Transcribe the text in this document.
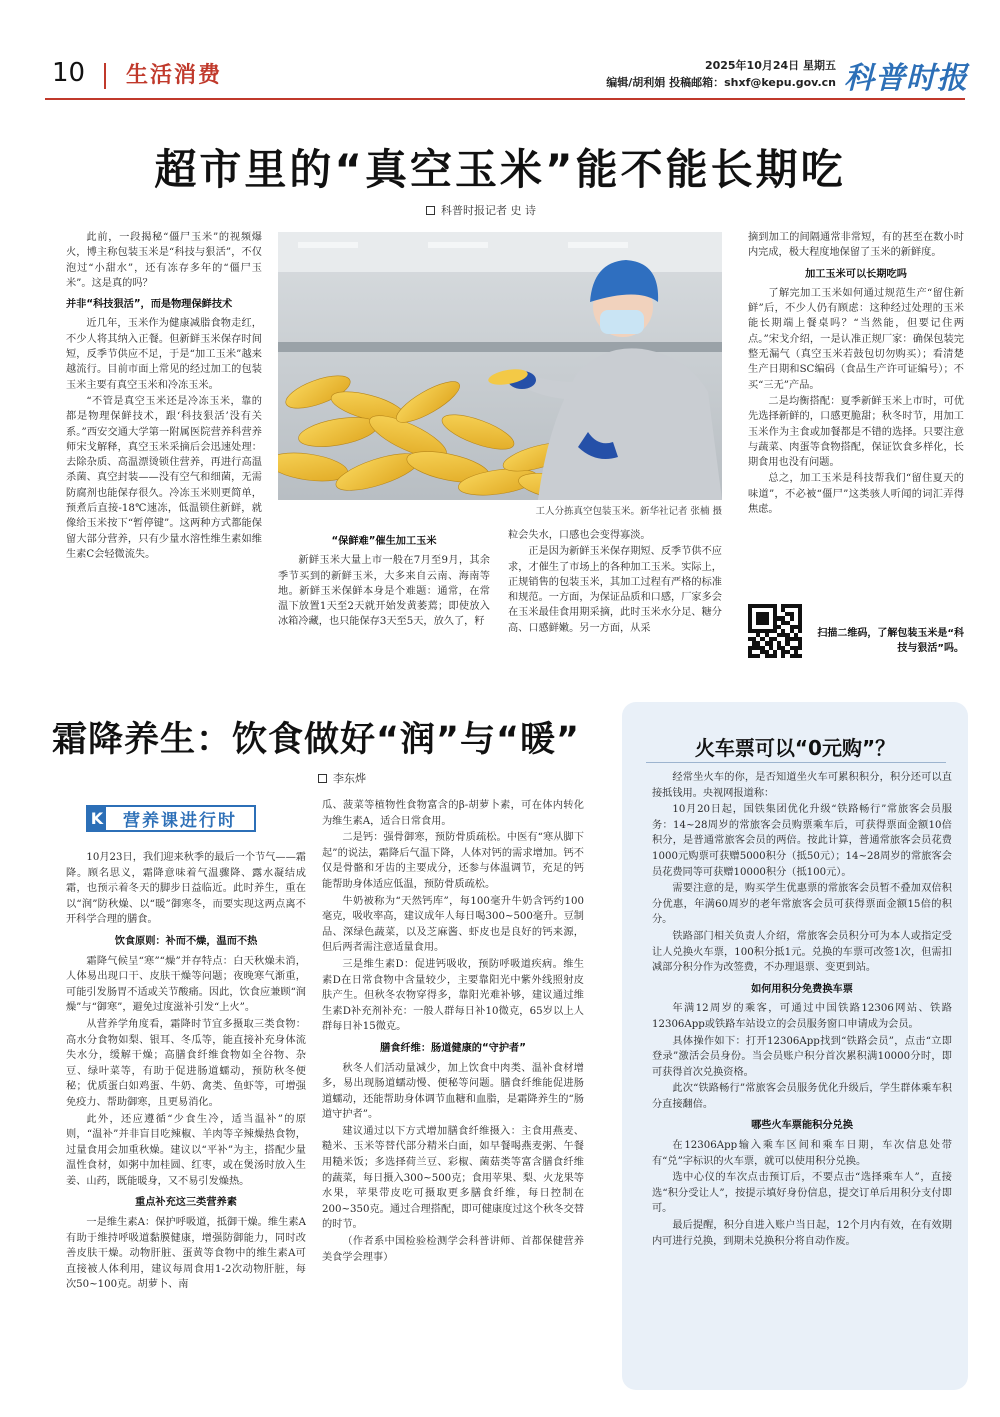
10 生活消费	2025年10月24日 星期五
编辑/胡利娟 投稿邮箱：shxf@kepu.gov.cn 科普时报
超市里的“真空玉米”能不能长期吃
科普时报记者 史 诗
此前，一段揭秘“僵尸玉米”的视频爆火，博主称包装玉米是“科技与狠活”，不仅泡过“小甜水”，还有冻存多年的“僵尸玉米”。这是真的吗？
并非“科技狠活”，而是物理保鲜技术
近几年，玉米作为健康减脂食物走红，不少人将其纳入正餐。但新鲜玉米保存时间短，反季节供应不足，于是“加工玉米”越来越流行。目前市面上常见的经过加工的包装玉米主要有真空玉米和冷冻玉米。
“不管是真空玉米还是冷冻玉米，靠的都是物理保鲜技术，跟‘科技狠活’没有关系。”西安交通大学第一附属医院营养科营养师宋戈解释，真空玉米采摘后会迅速处理：去除杂质、高温漂烫锁住营养，再进行高温杀菌、真空封装——没有空气和细菌，无需防腐剂也能保存很久。冷冻玉米则更简单，预煮后直接-18℃速冻，低温锁住新鲜，就像给玉米按下“暂停键”。这两种方式都能保留大部分营养，只有少量水溶性维生素如维生素C会轻微流失。
工人分拣真空包装玉米。新华社记者 张楠 摄
“保鲜难”催生加工玉米
新鲜玉米大量上市一般在7月至9月，其余季节买到的新鲜玉米，大多来自云南、海南等地。新鲜玉米保鲜本身是个难题：通常，在常温下放置1天至2天就开始发黄萎蔫；即使放入冰箱冷藏，也只能保存3天至5天，放久了，籽
粒会失水，口感也会变得寡淡。
正是因为新鲜玉米保存期短、反季节供不应求，才催生了市场上的各种加工玉米。实际上，正规销售的包装玉米，其加工过程有严格的标准和规范。一方面，为保证品质和口感，厂家多会在玉米最佳食用期采摘，此时玉米水分足、糖分高、口感鲜嫩。另一方面，从采
摘到加工的间隔通常非常短，有的甚至在数小时内完成，极大程度地保留了玉米的新鲜度。
加工玉米可以长期吃吗
了解完加工玉米如何通过规范生产“留住新鲜”后，不少人仍有顾虑：这种经过处理的玉米能长期端上餐桌吗？“当然能，但要记住两点。”宋戈介绍，一是认准正规厂家：确保包装完整无漏气（真空玉米若鼓包切勿购买）；看清楚生产日期和SC编码（食品生产许可证编号）；不买“三无”产品。
二是均衡搭配：夏季新鲜玉米上市时，可优先选择新鲜的，口感更脆甜；秋冬时节，用加工玉米作为主食或加餐都是不错的选择。只要注意与蔬菜、肉蛋等食物搭配，保证饮食多样化，长期食用也没有问题。
总之，加工玉米是科技帮我们“留住夏天的味道”，不必被“僵尸”这类骇人听闻的词汇弄得焦虑。
扫描二维码，了解包装玉米是“科技与狠活”吗。
霜降养生：饮食做好“润”与“暖”
李东烨
K	营养课进行时
10月23日，我们迎来秋季的最后一个节气——霜降。顾名思义，霜降意味着气温骤降、露水凝结成霜，也预示着冬天的脚步日益临近。此时养生，重在以“润”防秋燥、以“暖”御寒冬，而要实现这两点离不开科学合理的膳食。
饮食原则：补而不燥，温而不热
霜降气候呈“寒”“燥”并存特点：白天秋燥未消，人体易出现口干、皮肤干燥等问题；夜晚寒气渐重，可能引发肠胃不适或关节酸痛。因此，饮食应兼顾“润燥”与“御寒”，避免过度滋补引发“上火”。
从营养学角度看，霜降时节宜多摄取三类食物：高水分食物如梨、银耳、冬瓜等，能直接补充身体流失水分，缓解干燥；高膳食纤维食物如全谷物、杂豆、绿叶菜等，有助于促进肠道蠕动，预防秋冬便秘；优质蛋白如鸡蛋、牛奶、禽类、鱼虾等，可增强免疫力、帮助御寒，且更易消化。
此外，还应遵循“少食生冷，适当温补”的原则，“温补”并非盲目吃辣椒、羊肉等辛辣燥热食物，过量食用会加重秋燥。建议以“平补”为主，搭配少量温性食材，如粥中加桂圆、红枣，或在煲汤时放入生姜、山药，既能暖身，又不易引发燥热。
重点补充这三类营养素
一是维生素A：保护呼吸道，抵御干燥。维生素A有助于维持呼吸道黏膜健康，增强防御能力，同时改善皮肤干燥。动物肝脏、蛋黄等食物中的维生素A可直接被人体利用，建议每周食用1-2次动物肝脏，每次50~100克。胡萝卜、南
瓜、菠菜等植物性食物富含的β-胡萝卜素，可在体内转化为维生素A，适合日常食用。
二是钙：强骨御寒，预防骨质疏松。中医有“寒从脚下起”的说法，霜降后气温下降，人体对钙的需求增加。钙不仅是骨骼和牙齿的主要成分，还参与体温调节，充足的钙能帮助身体适应低温，预防骨质疏松。
牛奶被称为“天然钙库”，每100毫升牛奶含钙约100毫克，吸收率高，建议成年人每日喝300~500毫升。豆制品、深绿色蔬菜，以及芝麻酱、虾皮也是良好的钙来源，但后两者需注意适量食用。
三是维生素D：促进钙吸收，预防呼吸道疾病。维生素D在日常食物中含量较少，主要靠阳光中紫外线照射皮肤产生。但秋冬农物穿得多，靠阳光难补够，建议通过维生素D补充剂补充：一般人群每日补10微克，65岁以上人群每日补15微克。
膳食纤维：肠道健康的“守护者”
秋冬人们活动量减少，加上饮食中肉类、温补食材增多，易出现肠道蠕动慢、便秘等问题。膳食纤维能促进肠道蠕动，还能帮助身体调节血糖和血脂，是霜降养生的“肠道守护者”。
建议通过以下方式增加膳食纤维摄入：主食用燕麦、糙米、玉米等替代部分精米白面，如早餐喝燕麦粥、午餐用糙米饭；多选择荷兰豆、彩椒、菌菇类等富含膳食纤维的蔬菜，每日摄入300~500克；食用苹果、梨、火龙果等水果，苹果带皮吃可摄取更多膳食纤维，每日控制在200~350克。通过合理搭配，即可健康度过这个秋冬交替的时节。
（作者系中国检验检测学会科普讲师、首都保健营养美食学会理事）
火车票可以“0元购”？
经常坐火车的你，是否知道坐火车可累积积分，积分还可以直接抵钱用。央视网报道称：
10月20日起，国铁集团优化升级“铁路畅行”常旅客会员服务：14~28周岁的常旅客会员购票乘车后，可获得票面金额10倍积分，是普通常旅客会员的两倍。按此计算，普通常旅客会员花费1000元购票可获赠5000积分（抵50元）；14~28周岁的常旅客会员花费同等可获赠10000积分（抵100元）。
需要注意的是，购买学生优惠票的常旅客会员暂不叠加双倍积分优惠，年满60周岁的老年常旅客会员可获得票面金额15倍的积分。
铁路部门相关负责人介绍，常旅客会员积分可为本人或指定受让人兑换火车票，100积分抵1元。兑换的车票可改签1次，但需扣减部分积分作为改签费，不办理退票、变更到站。
如何用积分免费换车票
年满12周岁的乘客，可通过中国铁路12306网站、铁路12306App或铁路车站设立的会员服务窗口申请成为会员。
具体操作如下：打开12306App找到“铁路会员”，点击“立即登录”激活会员身份。当会员账户积分首次累积满10000分时，即可获得首次兑换资格。
此次“铁路畅行”常旅客会员服务优化升级后，学生群体乘车积分直接翻倍。
哪些火车票能积分兑换
在12306App输入乘车区间和乘车日期，车次信息处带有“兑”字标识的火车票，就可以使用积分兑换。
选中心仪的车次点击预订后，不要点击“选择乘车人”，直接选“积分受让人”，按提示填好身份信息，提交订单后用积分支付即可。
最后提醒，积分自进入账户当日起，12个月内有效，在有效期内可进行兑换，到期未兑换积分将自动作废。
